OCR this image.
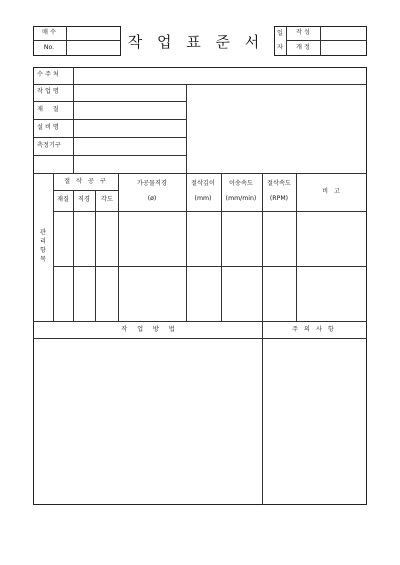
매 수
No.	작 업 표 준 서 일
자
작 성
개 정
수 주 처
작 업 명
재     질
설 비 명
측정기구
절 삭 공 구
재질 직경 각도
가공물직경
(ø)
절삭깊이
(mm)
이송속도
(mm/min)
절삭속도
(RPM)
비   고
관
리
항
목
작     업     방     법	주 의 사 항
